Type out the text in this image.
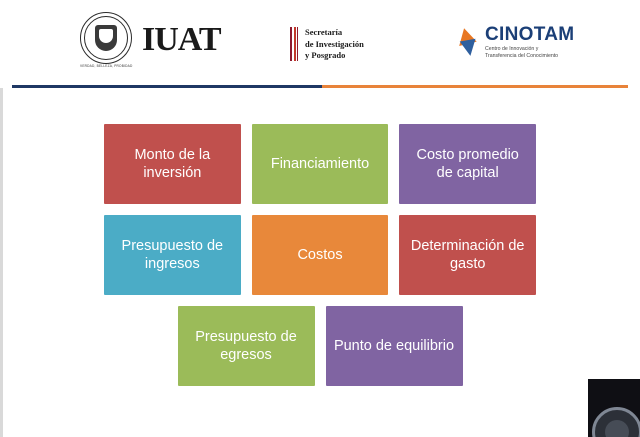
VERDAD, BELLEZA, PROBIDAD
IUAT	Secretaría
de Investigación
y Posgrado
CINOTAM
Centro de Innovación y
Transferencia del Conocimiento
Monto de la inversión
Financiamiento
Costo promedio de capital
Presupuesto de ingresos
Costos
Determinación de gasto
Presupuesto de egresos
Punto de equilibrio
